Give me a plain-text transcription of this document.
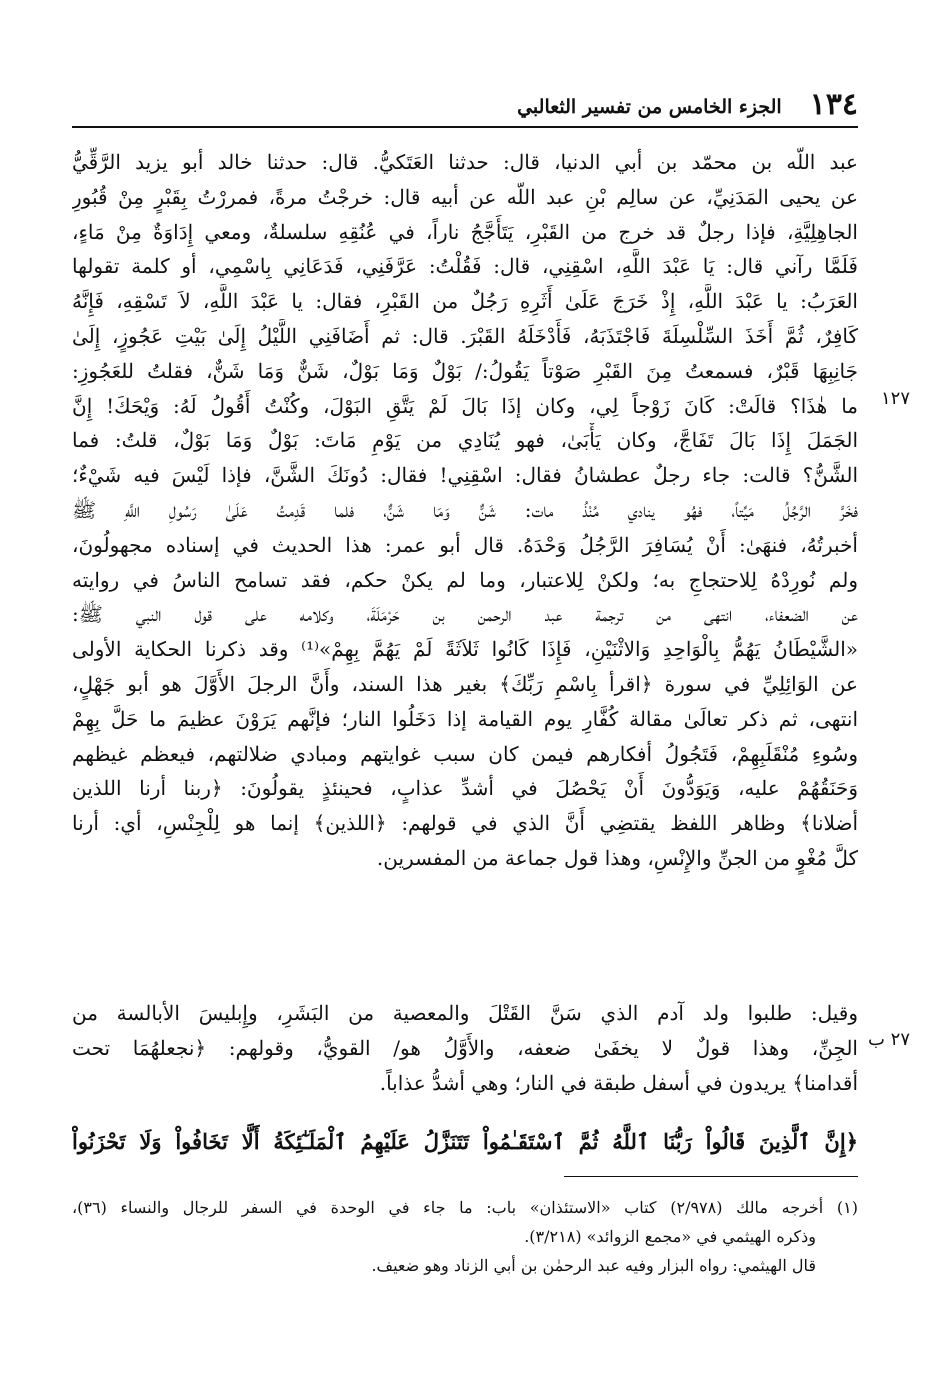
١٣٤
الجزء الخامس من تفسير الثعالبي
عبد اللّه بن محمّد بن أبي الدنيا، قال: حدثنا العَتَكيُّ. قال: حدثنا خالد أبو يزيد الرَّقِّيُّ
عن يحيى المَدَنِيِّ، عن سالِم بْنِ عبد اللّه عن أبيه قال: خرجْتُ مرةً، فمررْتُ بِقَبْرٍ مِنْ قُبُورِ
الجاهِلِيَّةِ، فإذا رجلٌ قد خرج من القَبْرِ، يَتَأَجَّجُ ناراً، في عُنُقِهِ سلسلةٌ، ومعي إِدَاوَةٌ مِنْ مَاءٍ،
فَلَمَّا رآني قال: يَا عَبْدَ اللَّهِ، اسْقِنِي، قال: فَقُلْتُ: عَرَّفَنِي، فَدَعَانِي بِاسْمِي، أو كلمة تقولها
العَرَبُ: يا عَبْدَ اللَّهِ، إِذْ خَرَجَ عَلَىٰ أَثَرِهِ رَجُلٌ من القَبْرِ، فقال: يا عَبْدَ اللَّهِ، لاَ تَسْقِهِ، فَإِنَّهُ
كَافِرٌ، ثُمَّ أَخَذَ السِّلْسِلَةَ فَاجْتَذَبَهُ، فَأَدْخَلَهُ القَبْرَ. قال: ثم أَضَافَنِي اللَّيْلُ إِلَىٰ بَيْتِ عَجُوزٍ، إِلَىٰ
جَانِبِهَا قَبْرٌ، فسمعتُ مِنَ القَبْرِ صَوْتاً يَقُولُ:/ بَوْلٌ وَمَا بَوْلٌ، شَنٌّ وَمَا شَنٌّ، فقلتُ للعَجُوزِ:
ما هٰذَا؟ قالَتْ: كَانَ زَوْجاً لِي، وكان إذَا بَالَ لَمْ يَتَّقِ البَوْلَ، وكُنْتُ أَقُولُ لَهُ: وَيْحَكَ! إِنَّ
الجَمَلَ إِذَا بَالَ تَفَاجَّ، وكان يَأْبَىٰ، فهو يُنَادِي من يَوْمِ مَاتَ: بَوْلٌ وَمَا بَوْلٌ، قلتُ: فما
الشَّنُّ؟ قالت: جاء رجلٌ عطشانُ فقال: اسْقِنِي! فقال: دُونَكَ الشَّنَّ، فإذا لَيْسَ فيه شَيْءٌ؛
فخَرَّ الرَّجُلُ مَيِّتاً، فهُو ينادي مُنْذُ مات: شَنٌّ وَمَا شَنٌّ، فلما قَدِمتُ عَلَىٰ رَسُولِ اللَّهِ ﷺ
أخبرتُهُ، فنهَىٰ: أَنْ يُسَافِرَ الرَّجُلُ وَحْدَهُ. قال أبو عمر: هذا الحديث في إسناده مجهولُونَ،
ولم نُورِدْهُ لِلاحتجاجِ به؛ ولكنْ لِلاعتبار، وما لم يكنْ حكم، فقد تسامح الناسُ في روايته
عن الضعفاء، انتهى من ترجمة عبد الرحمن بن حَرْمَلَةَ، وكلامه على قول النبي ﷺ:
«الشَّيْطَانُ يَهُمُّ بِالْوَاحِدِ وَالاثْنَيْنِ، فَإِذَا كَانُوا ثَلاَثَةً لَمْ يَهُمَّ بِهِمْ»⁽¹⁾ وقد ذكرنا الحكاية الأولى
عن الوَائِلِيِّ في سورة ﴿اقرأ بِاسْمِ رَبِّكَ﴾ بغير هذا السند، وأَنَّ الرجلَ الأَوَّلَ هو أبو جَهْلٍ،
انتهى، ثم ذكر تعالَىٰ مقالة كُفَّارِ يوم القيامة إذا دَخَلُوا النار؛ فإنَّهم يَرَوْنَ عظيمَ ما حَلَّ بِهِمْ
وسُوءِ مُنْقَلَبِهِمْ، فَتَجُولُ أفكارهم فيمن كان سبب غوايتهم ومبادي ضلالتهم، فيعظم غيظهم
وَحَنَقُهُمْ عليه، وَيَوَدُّونَ أَنْ يَحْصُلَ في أشدِّ عذابٍ، فحينئذٍ يقولُونَ: ﴿ربنا أرنا اللذين
أضلانا﴾ وظاهر اللفظ يقتضِي أَنَّ الذي في قولهم: ﴿اللذين﴾ إنما هو لِلْجِنْسِ، أي: أرنا
كلَّ مُغْوٍ من الجنِّ والإِنْسِ، وهذا قول جماعة من المفسرين.
١٢٧
٢٧ ب
وقيل: طلبوا ولد آدم الذي سَنَّ القَتْلَ والمعصية من البَشَرِ، وإِبليسَ الأبالسة من
الجِنِّ، وهذا قولٌ لا يخفَىٰ ضعفه، والأَوَّلُ هو/ القويُّ، وقولهم: ﴿نجعلهُمَا تحت
أقدامنا﴾ يريدون في أسفل طبقة في النار؛ وهي أشدُّ عذاباً.
﴿إِنَّ ٱلَّذِينَ قَالُواْ رَبُّنَا ٱللَّهُ ثُمَّ ٱسْتَقَـٰمُواْ تَتَنَزَّلُ عَلَيْهِمُ ٱلْمَلَـٰٓئِكَةُ أَلَّا تَخَافُواْ وَلَا تَحْزَنُواْ
(١) أخرجه مالك (٢/٩٧٨) كتاب «الاستئذان» باب: ما جاء في الوحدة في السفر للرجال والنساء (٣٦)،
وذكره الهيثمي في «مجمع الزوائد» (٣/٢١٨).
قال الهيثمي: رواه البزار وفيه عبد الرحمٰن بن أبي الزناد وهو ضعيف.
